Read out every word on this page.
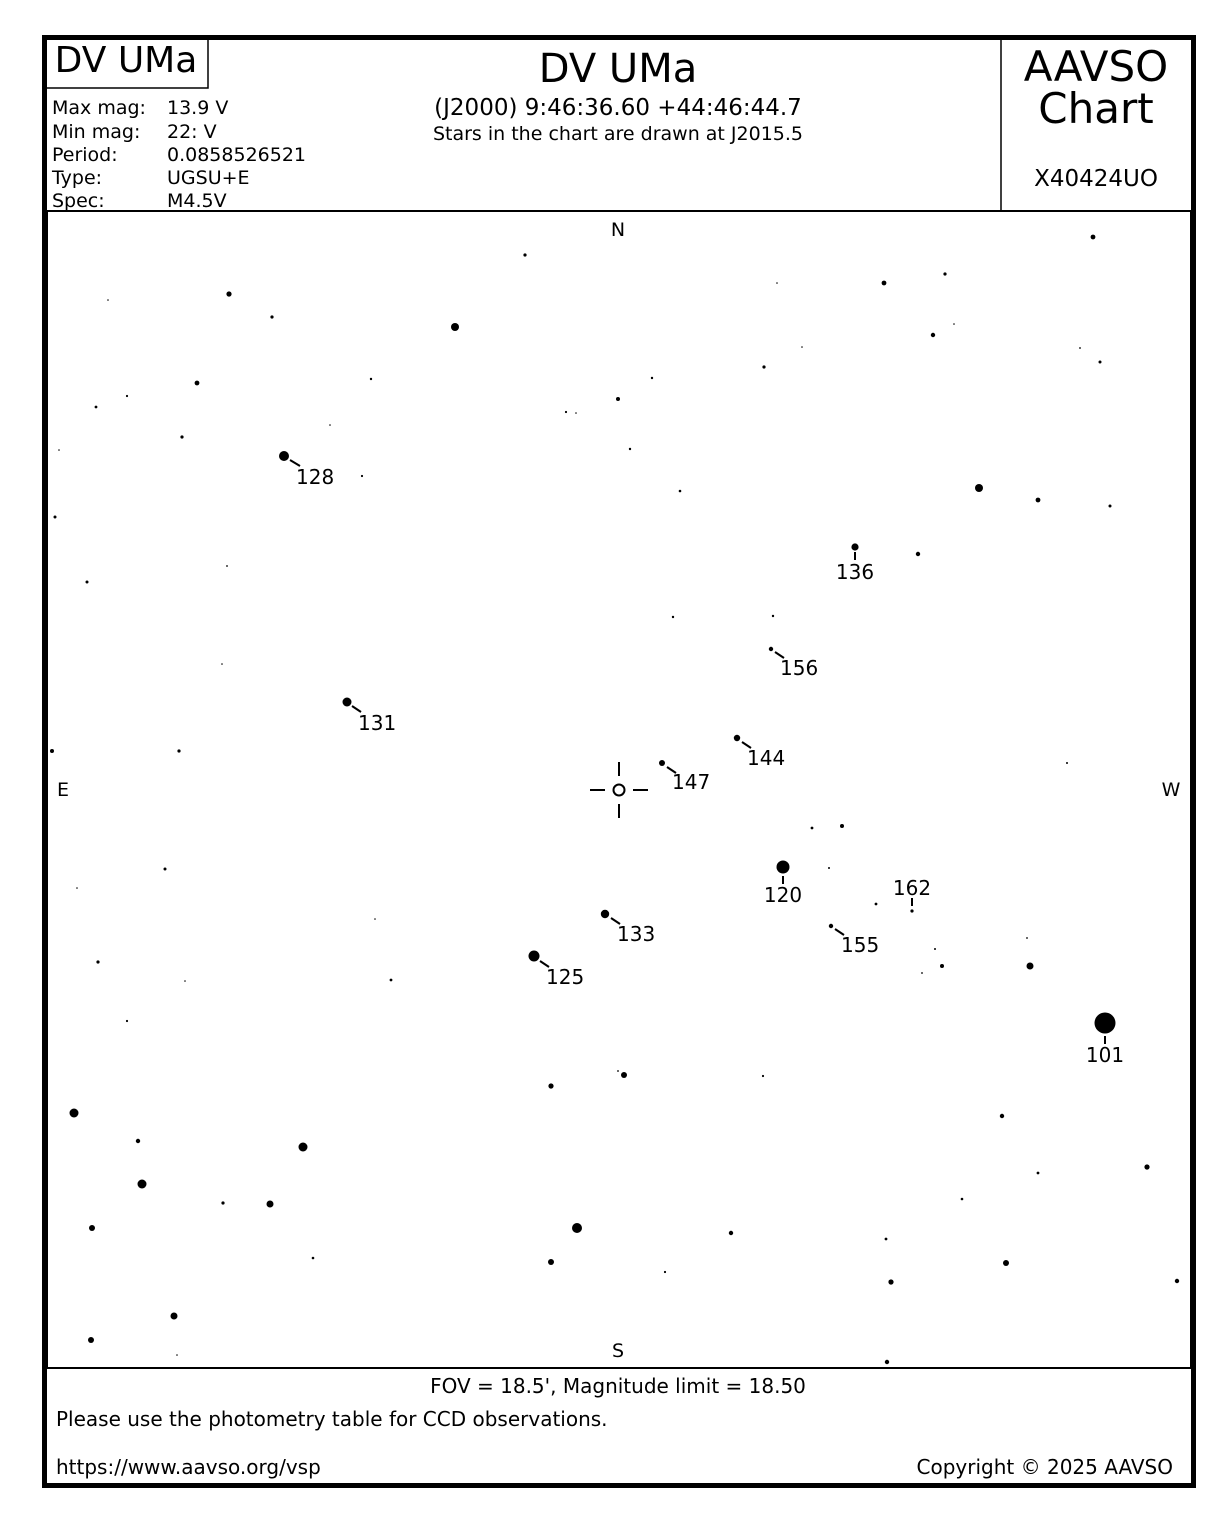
DV UMa	DV UMa
(J2000) 9:46:36.60 +44:46:44.7
Stars in the chart are drawn at J2015.5
AAVSO
Chart
X40424UO
Max mag: 13.9 V
Min mag: 22: V
Period:	0.0858526521
Type:	UGSU+E
Spec:	M4.5V
N
S
E	W
128
136
156
131
144
147
120	162
133	155
125
101
FOV = 18.5', Magnitude limit = 18.50
Please use the photometry table for CCD observations.
https://www.aavso.org/vsp	Copyright © 2025 AAVSO
